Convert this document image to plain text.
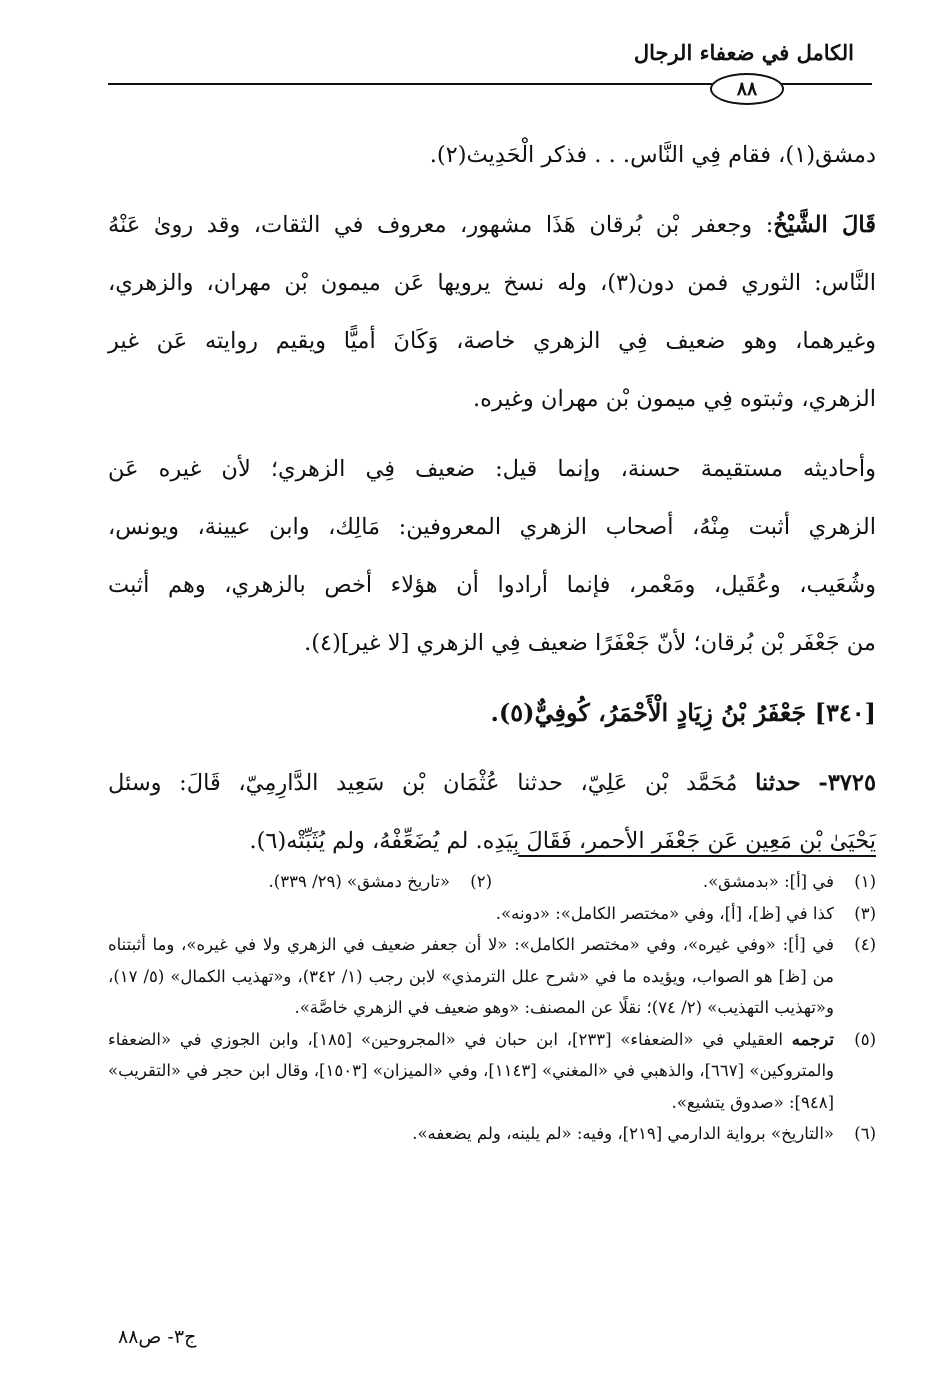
الكامل في ضعفاء الرجال
٨٨

دمشق(١)، فقام فِي النَّاس. . . فذكر الْحَدِيث(٢).

قَالَ الشَّيْخُ: وجعفر بْن بُرقان هَذَا مشهور، معروف في الثقات، وقد روىٰ عَنْهُ
النَّاس: الثوري فمن دون(٣)، وله نسخ يرويها عَن ميمون بْن مهران، والزهري،
وغيرهما، وهو ضعيف فِي الزهري خاصة، وَكَانَ أميًّا ويقيم روايته عَن غير
الزهري، وثبتوه فِي ميمون بْن مهران وغيره.

وأحاديثه مستقيمة حسنة، وإنما قيل: ضعيف فِي الزهري؛ لأن غيره عَن
الزهري أثبت مِنْهُ، أصحاب الزهري المعروفين: مَالِك، وابن عيينة، ويونس،
وشُعَيب، وعُقَيل، ومَعْمر، فإنما أرادوا أن هؤلاء أخص بالزهري، وهم أثبت
من جَعْفَر بْن بُرقان؛ لأنّ جَعْفَرًا ضعيف فِي الزهري [لا غير](٤).

[٣٤٠] جَعْفَرُ بْنُ زِيَادٍ الْأَحْمَرُ، كُوفِيٌّ(٥).

٣٧٢٥- حدثنا مُحَمَّد بْن عَلِيّ، حدثنا عُثْمَان بْن سَعِيد الدَّارِمِيّ، قَالَ: وسئل
يَحْيَىٰ بْن مَعِين عَن جَعْفَر الأحمر، فَقَالَ بِيَدِه. لم يُضَعِّفْهُ، ولم يُثَبِّتْه(٦).

(١)
في [أ]: «بدمشق».
(٢)
«تاريخ دمشق» (٢٩/ ٣٣٩).
(٣)
كذا في [ظ]، [أ]، وفي «مختصر الكامل»: «دونه».
(٤)
في [أ]: «وفي غيره»، وفي «مختصر الكامل»: «لا أن جعفر ضعيف في الزهري ولا في غيره»، وما أثبتناه من [ظ] هو الصواب، ويؤيده ما في «شرح علل الترمذي» لابن رجب (١/ ٣٤٢)، و«تهذيب الكمال» (٥/ ١٧)، و«تهذيب التهذيب» (٢/ ٧٤)؛ نقلًا عن المصنف: «وهو ضعيف في الزهري خاصَّة».
(٥)
ترجمه العقيلي في «الضعفاء» [٢٣٣]، ابن حبان في «المجروحين» [١٨٥]، وابن الجوزي في «الضعفاء والمتروكين» [٦٦٧]، والذهبي في «المغني» [١١٤٣]، وفي «الميزان» [١٥٠٣]، وقال ابن حجر في «التقريب» [٩٤٨]: «صدوق يتشيع».
(٦)
«التاريخ» برواية الدارمي [٢١٩]، وفيه: «لم يلينه، ولم يضعفه».
ج٣- ص٨٨
